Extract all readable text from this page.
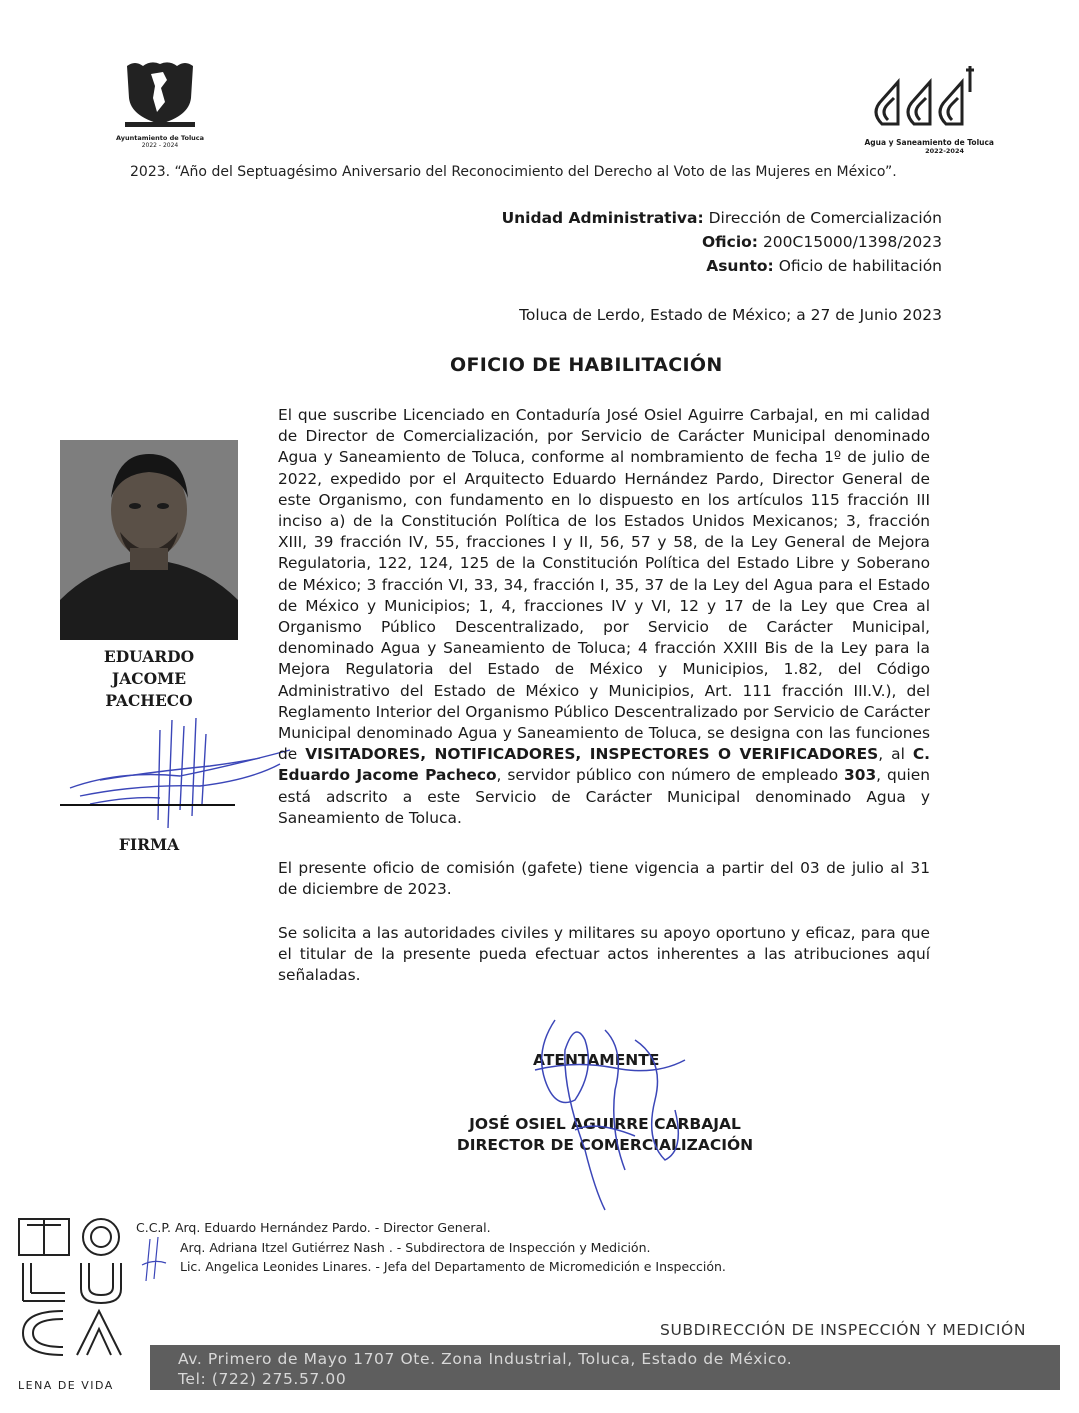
Ayuntamiento de Toluca
2022 - 2024	Agua y Saneamiento de Toluca
2022-2024
2023. “Año del Septuagésimo Aniversario del Reconocimiento del Derecho al Voto de las Mujeres en México”.
Unidad Administrativa: Dirección de Comercialización
Oficio: 200C15000/1398/2023
Asunto: Oficio de habilitación
Toluca de Lerdo, Estado de México; a 27 de Junio 2023
OFICIO DE HABILITACIÓN
EDUARDO
JACOME
PACHECO
FIRMA
El que suscribe Licenciado en Contaduría José Osiel Aguirre Carbajal, en mi calidad de Director de Comercialización, por Servicio de Carácter Municipal denominado Agua y Saneamiento de Toluca, conforme al nombramiento de fecha 1º de julio de 2022, expedido por el Arquitecto Eduardo Hernández Pardo, Director General de este Organismo, con fundamento en lo dispuesto en los artículos 115 fracción III inciso a) de la Constitución Política de los Estados Unidos Mexicanos; 3, fracción XIII, 39 fracción IV, 55, fracciones I y II, 56, 57 y 58, de la Ley General de Mejora Regulatoria, 122, 124, 125 de la Constitución Política del Estado Libre y Soberano de México; 3 fracción VI, 33, 34, fracción I, 35, 37 de la Ley del Agua para el Estado de México y Municipios; 1, 4, fracciones IV y VI, 12 y 17 de la Ley que Crea al Organismo Público Descentralizado, por Servicio de Carácter Municipal, denominado Agua y Saneamiento de Toluca; 4 fracción XXIII Bis de la Ley para la Mejora Regulatoria del Estado de México y Municipios, 1.82, del Código Administrativo del Estado de México y Municipios, Art. 111 fracción III.V.), del Reglamento Interior del Organismo Público Descentralizado por Servicio de Carácter Municipal denominado Agua y Saneamiento de Toluca, se designa con las funciones de VISITADORES, NOTIFICADORES, INSPECTORES O VERIFICADORES, al C. Eduardo Jacome Pacheco, servidor público con número de empleado 303, quien está adscrito a este Servicio de Carácter Municipal denominado Agua y Saneamiento de Toluca.
El presente oficio de comisión (gafete) tiene vigencia a partir del 03 de julio al 31 de diciembre de 2023.
Se solicita a las autoridades civiles y militares su apoyo oportuno y eficaz, para que el titular de la presente pueda efectuar actos inherentes a las atribuciones aquí señaladas.
ATENTAMENTE
JOSÉ OSIEL AGUIRRE CARBAJAL
DIRECTOR DE COMERCIALIZACIÓN
C.C.P. Arq. Eduardo Hernández Pardo. - Director General.
Arq. Adriana Itzel Gutiérrez Nash . - Subdirectora de Inspección y Medición.
Lic. Angelica Leonides Linares. - Jefa del Departamento de Micromedición e Inspección.
LENA DE VIDA
SUBDIRECCIÓN DE INSPECCIÓN Y MEDICIÓN
Av. Primero de Mayo 1707 Ote. Zona Industrial, Toluca, Estado de México.
Tel: (722) 275.57.00
